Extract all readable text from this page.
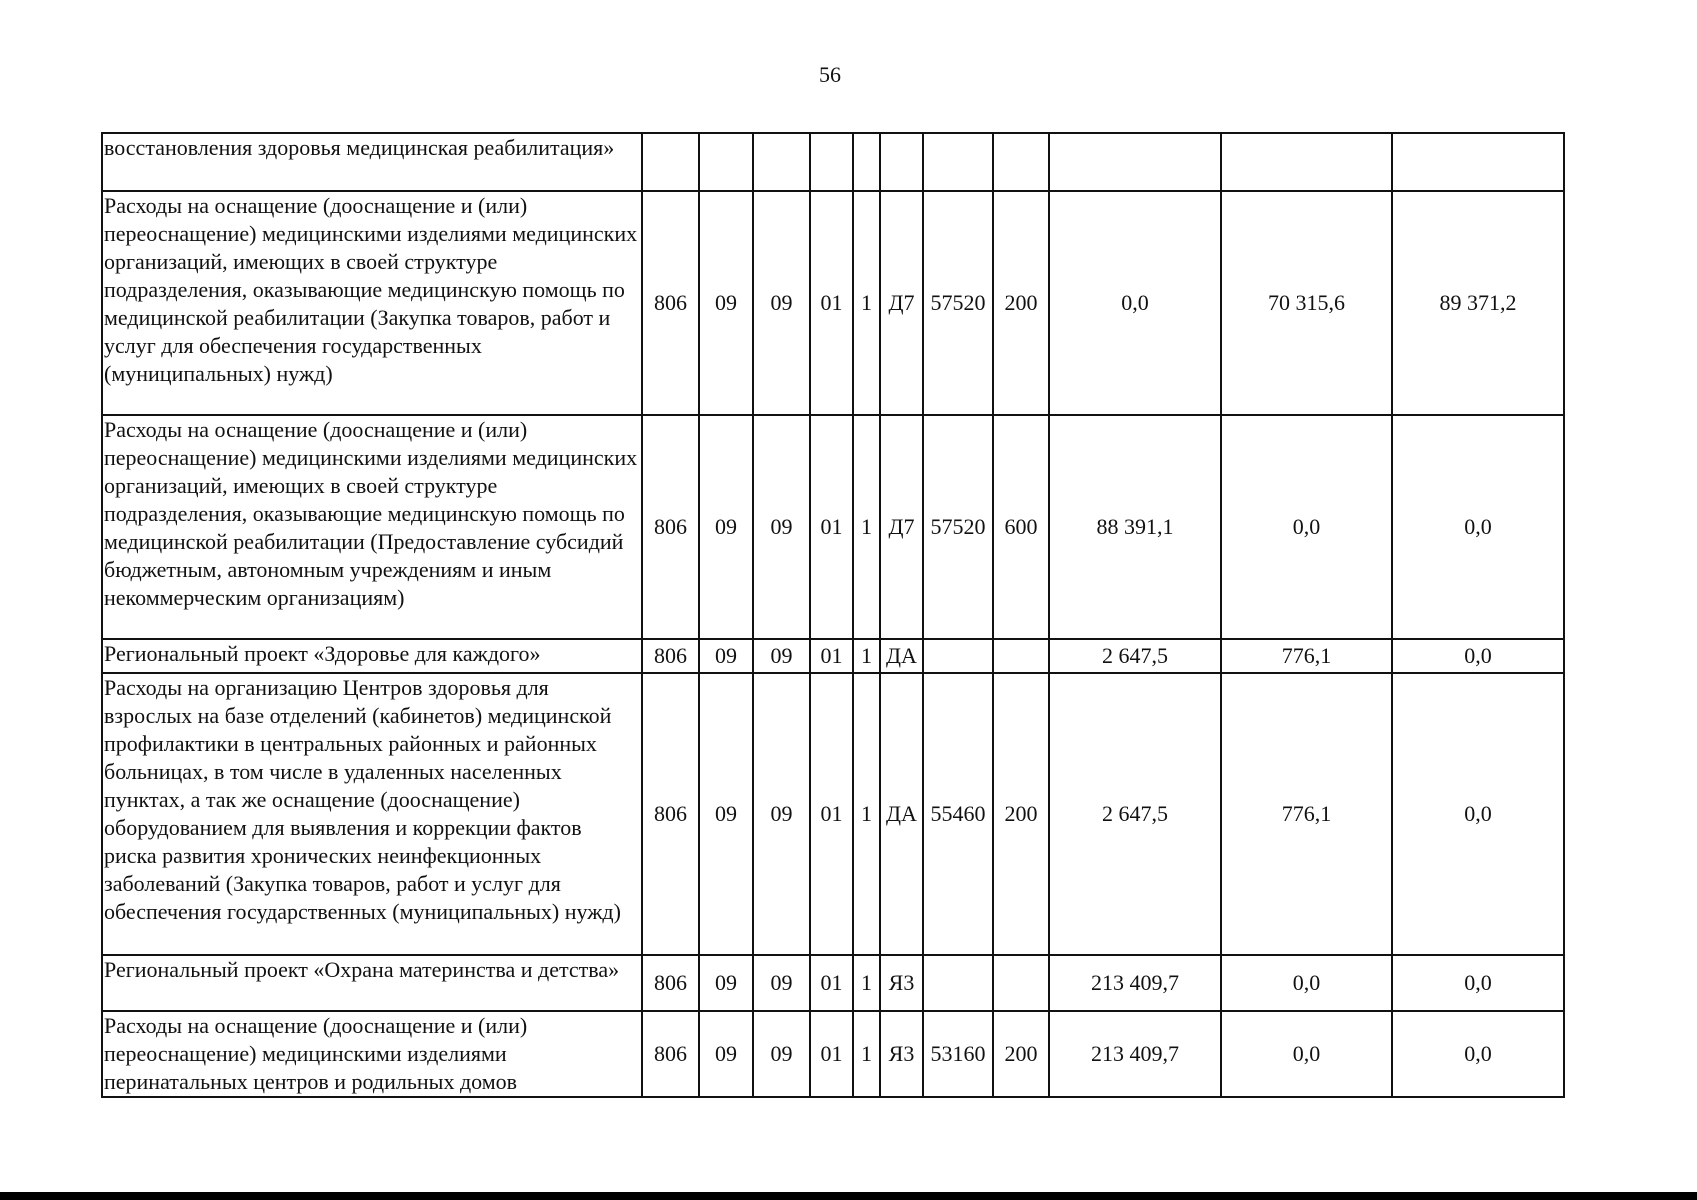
56
восстановления здоровья медицинская реабилитация»											
Расходы на оснащение (дооснащение и (или) переоснащение) медицинскими изделиями медицинских организаций, имеющих в своей структуре подразделения, оказывающие медицинскую помощь по медицинской реабилитации (Закупка товаров, работ и услуг для обеспечения государственных (муниципальных) нужд)	806	09	09	01	1	Д7	57520	200	0,0	70 315,6	89 371,2
Расходы на оснащение (дооснащение и (или) переоснащение) медицинскими изделиями медицинских организаций, имеющих в своей структуре подразделения, оказывающие медицинскую помощь по медицинской реабилитации (Предоставление субсидий бюджетным, автономным учреждениям и иным некоммерческим организациям)	806	09	09	01	1	Д7	57520	600	88 391,1	0,0	0,0
Региональный проект «Здоровье для каждого»	806	09	09	01	1	ДА			2 647,5	776,1	0,0
Расходы на организацию Центров здоровья для взрослых на базе отделений (кабинетов) медицинской профилактики в центральных районных и районных больницах, в том числе в удаленных населенных пунктах, а так же оснащение (дооснащение) оборудованием для выявления и коррекции фактов риска развития хронических неинфекционных заболеваний (Закупка товаров, работ и услуг для обеспечения государственных (муниципальных) нужд)	806	09	09	01	1	ДА	55460	200	2 647,5	776,1	0,0
Региональный проект «Охрана материнства и детства»	806	09	09	01	1	Я3			213 409,7	0,0	0,0
Расходы на оснащение (дооснащение и (или) переоснащение) медицинскими изделиями перинатальных центров и родильных домов	806	09	09	01	1	Я3	53160	200	213 409,7	0,0	0,0
